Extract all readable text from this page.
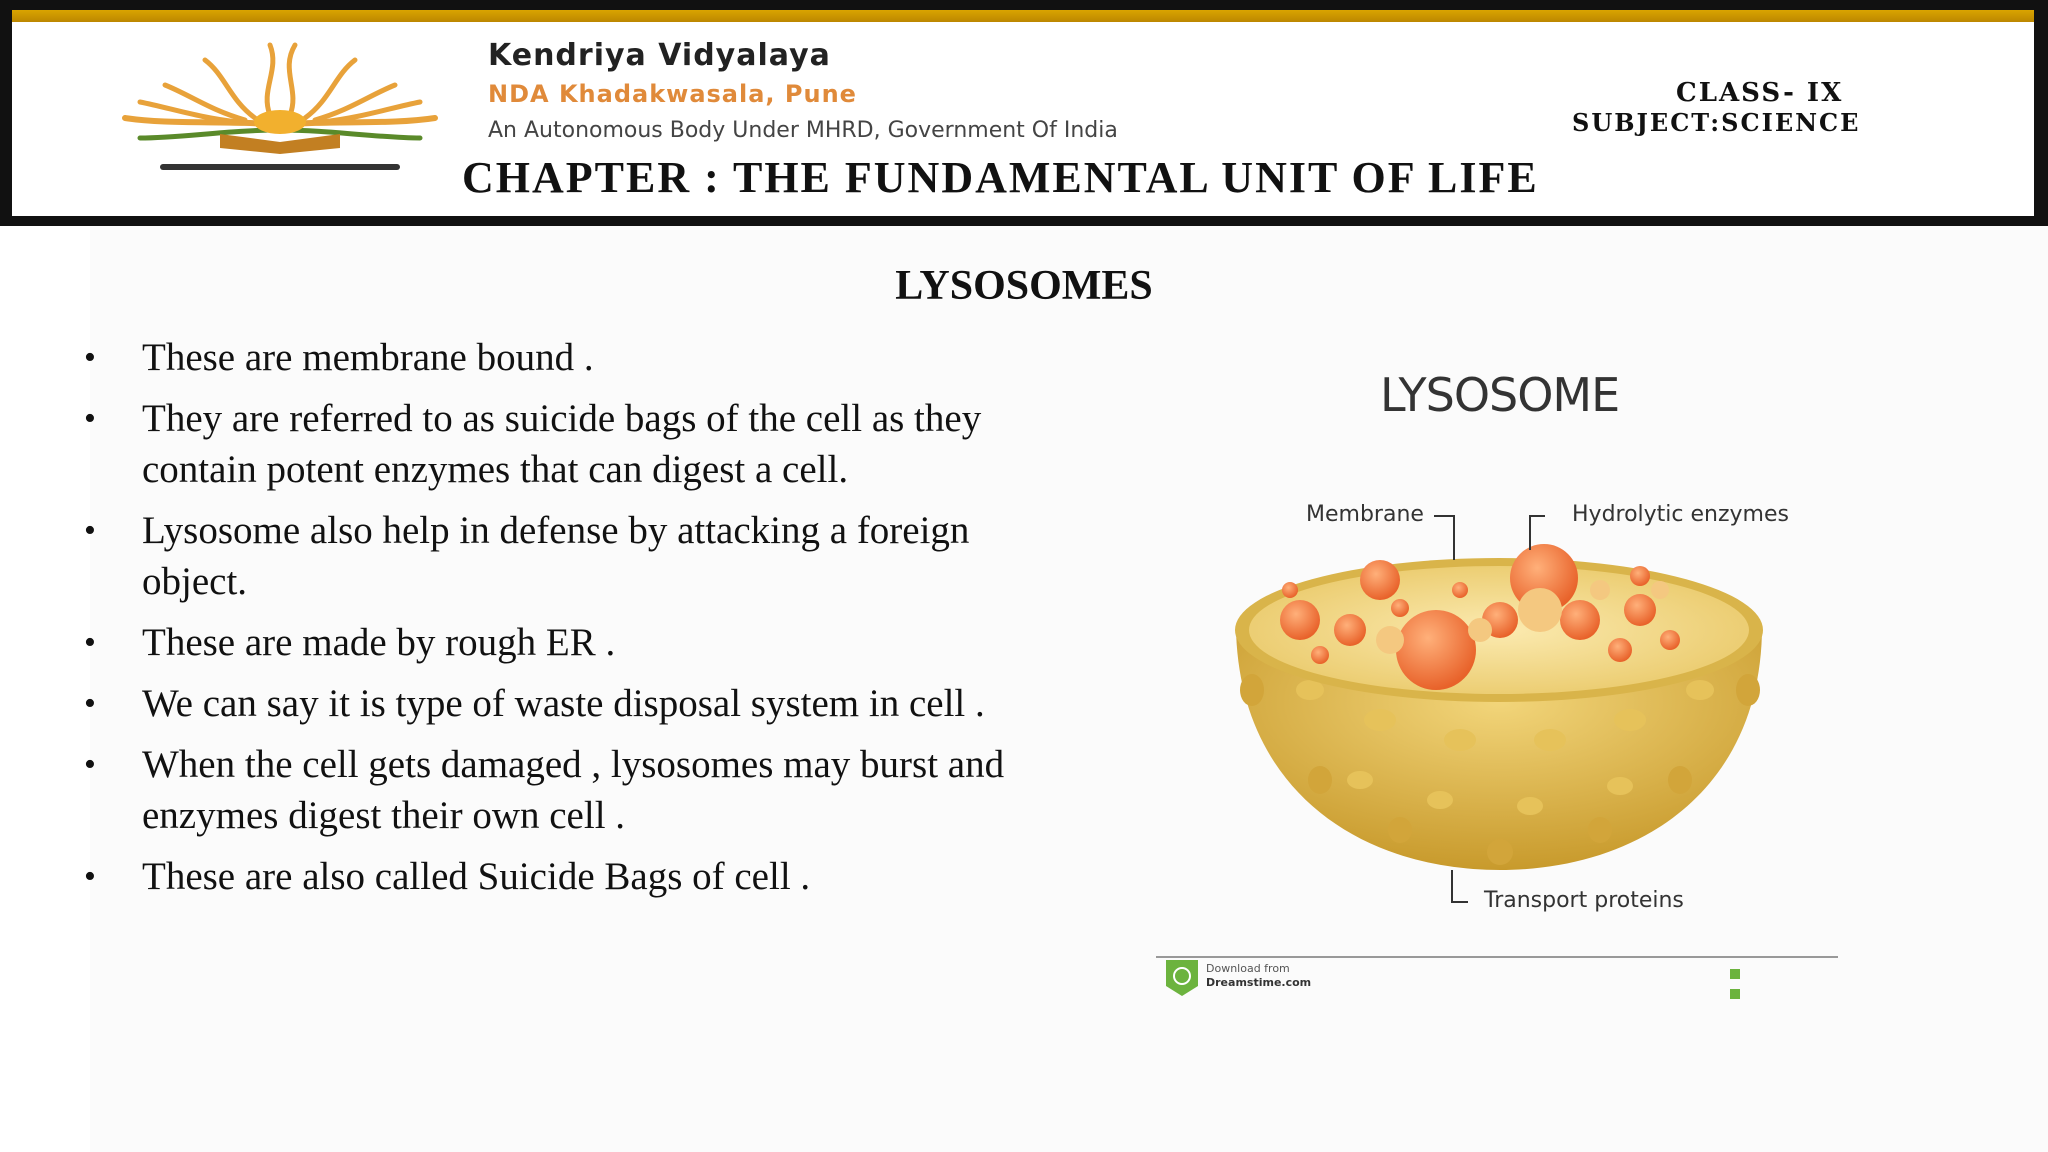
Kendriya Vidyalaya
NDA Khadakwasala, Pune
An Autonomous Body Under MHRD, Government Of India
CLASS- IX
SUBJECT:SCIENCE
CHAPTER : THE FUNDAMENTAL UNIT OF LIFE
LYSOSOMES
• These are membrane bound .
• They are referred to as suicide bags of the cell as they contain potent enzymes that can digest a cell.
• Lysosome also help in defense by attacking a foreign object.
• These are made by rough ER .
• We can say it is type of waste disposal system in cell .
• When the cell gets damaged , lysosomes may burst and enzymes digest their own cell .
• These are also called Suicide Bags of cell .
LYSOSOME
Membrane	Hydrolytic enzymes
Transport proteins
Download from
Dreamstime.com
